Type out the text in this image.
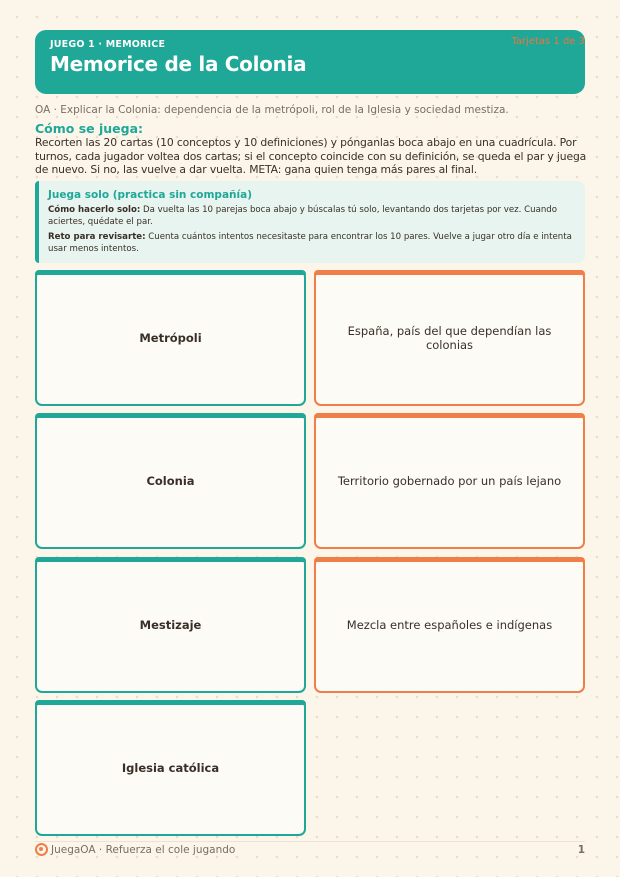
JUEGO 1 · MEMORICE
Memorice de la Colonia
Tarjetas 1 de 3
OA · Explicar la Colonia: dependencia de la metrópoli, rol de la Iglesia y sociedad mestiza.
Cómo se juega:
Recorten las 20 cartas (10 conceptos y 10 definiciones) y pónganlas boca abajo en una cuadrícula. Por turnos, cada jugador voltea dos cartas; si el concepto coincide con su definición, se queda el par y juega de nuevo. Si no, las vuelve a dar vuelta. META: gana quien tenga más pares al final.
Juega solo (practica sin compañía)
Cómo hacerlo solo: Da vuelta las 10 parejas boca abajo y búscalas tú solo, levantando dos tarjetas por vez. Cuando aciertes, quédate el par.
Reto para revisarte: Cuenta cuántos intentos necesitaste para encontrar los 10 pares. Vuelve a jugar otro día e intenta usar menos intentos.
Metrópoli	España, país del que dependían las colonias
Colonia	Territorio gobernado por un país lejano
Mestizaje	Mezcla entre españoles e indígenas
Iglesia católica
JuegaOA · Refuerza el cole jugando	1
